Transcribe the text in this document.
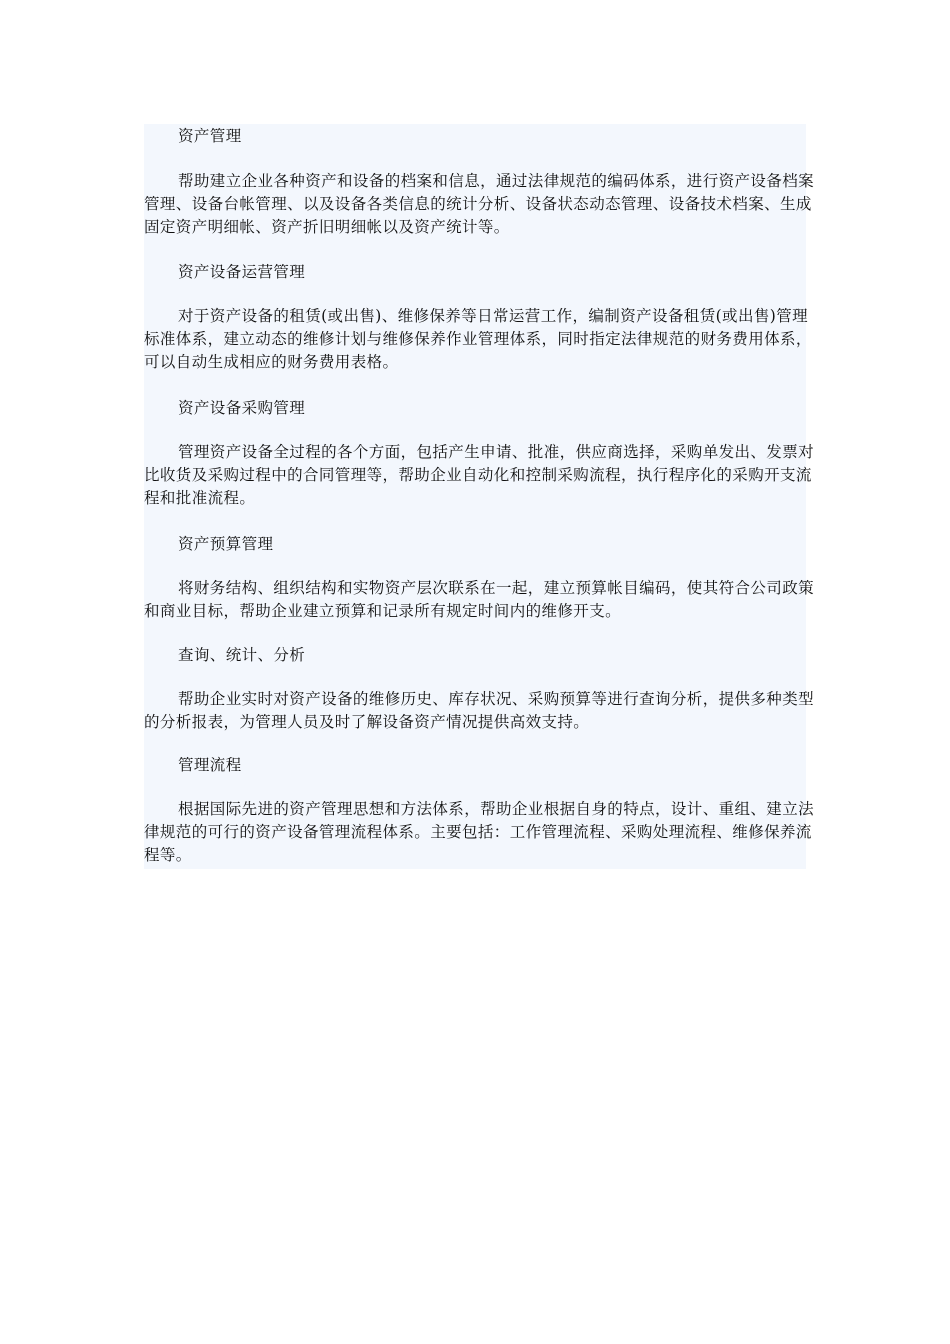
资产管理
帮助建立企业各种资产和设备的档案和信息，通过法律规范的编码体系，进行资产设备档案管理、设备台帐管理、以及设备各类信息的统计分析、设备状态动态管理、设备技术档案、生成固定资产明细帐、资产折旧明细帐以及资产统计等。
资产设备运营管理
对于资产设备的租赁(或出售)、维修保养等日常运营工作，编制资产设备租赁(或出售)管理标准体系，建立动态的维修计划与维修保养作业管理体系，同时指定法律规范的财务费用体系，可以自动生成相应的财务费用表格。
资产设备采购管理
管理资产设备全过程的各个方面，包括产生申请、批准，供应商选择，采购单发出、发票对比收货及采购过程中的合同管理等，帮助企业自动化和控制采购流程，执行程序化的采购开支流程和批准流程。
资产预算管理
将财务结构、组织结构和实物资产层次联系在一起，建立预算帐目编码，使其符合公司政策和商业目标，帮助企业建立预算和记录所有规定时间内的维修开支。
查询、统计、分析
帮助企业实时对资产设备的维修历史、库存状况、采购预算等进行查询分析，提供多种类型的分析报表，为管理人员及时了解设备资产情况提供高效支持。
管理流程
根据国际先进的资产管理思想和方法体系，帮助企业根据自身的特点，设计、重组、建立法律规范的可行的资产设备管理流程体系。主要包括：工作管理流程、采购处理流程、维修保养流程等。
